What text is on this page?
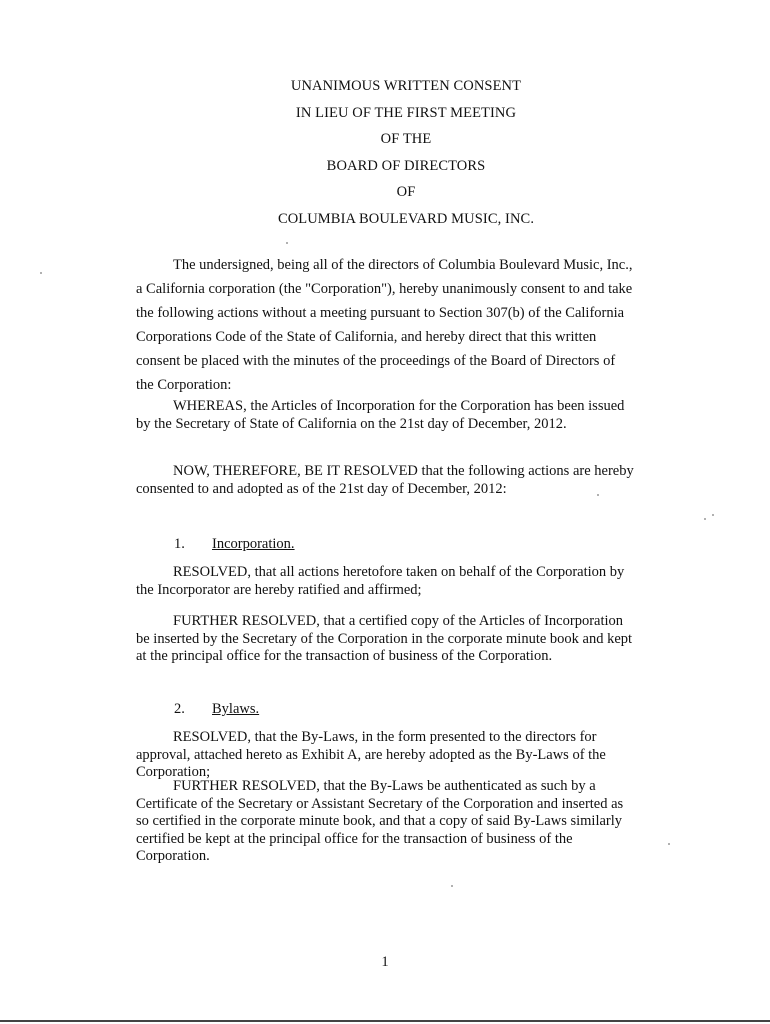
UNANIMOUS WRITTEN CONSENT
IN LIEU OF THE FIRST MEETING
OF THE
BOARD OF DIRECTORS
OF
COLUMBIA BOULEVARD MUSIC, INC.

The undersigned, being all of the directors of Columbia Boulevard Music, Inc., a California corporation (the "Corporation"), hereby unanimously consent to and take the following actions without a meeting pursuant to Section 307(b) of the California Corporations Code of the State of California, and hereby direct that this written consent be placed with the minutes of the proceedings of the Board of Directors of the Corporation:

WHEREAS, the Articles of Incorporation for the Corporation has been issued by the Secretary of State of California on the 21st day of December, 2012.

NOW, THEREFORE, BE IT RESOLVED that the following actions are hereby consented to and adopted as of the 21st day of December, 2012:

1. Incorporation.

RESOLVED, that all actions heretofore taken on behalf of the Corporation by the Incorporator are hereby ratified and affirmed;

FURTHER RESOLVED, that a certified copy of the Articles of Incorporation be inserted by the Secretary of the Corporation in the corporate minute book and kept at the principal office for the transaction of business of the Corporation.

2. Bylaws.

RESOLVED, that the By-Laws, in the form presented to the directors for approval, attached hereto as Exhibit A, are hereby adopted as the By-Laws of the Corporation;

FURTHER RESOLVED, that the By-Laws be authenticated as such by a Certificate of the Secretary or Assistant Secretary of the Corporation and inserted as so certified in the corporate minute book, and that a copy of said By-Laws similarly certified be kept at the principal office for the transaction of business of the Corporation.

1
